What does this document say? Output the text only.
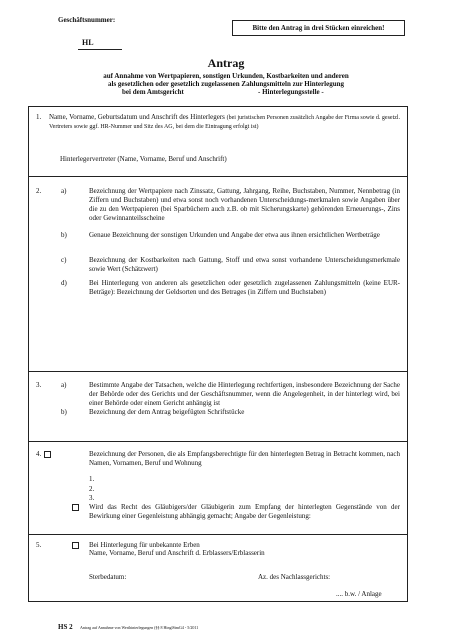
Geschäftsnummer:
HL
Bitte den Antrag in drei Stücken einreichen!
Antrag
auf Annahme von Wertpapieren, sonstigen Urkunden, Kostbarkeiten und anderen
als gesetzlichen oder gesetzlich zugelassenen Zahlungsmitteln zur Hinterlegung
bei dem Amtsgericht	- Hinterlegungsstelle -
1. Name, Vorname, Geburtsdatum und Anschrift des Hinterlegers (bei juristischen Personen zusätzlich Angabe der Firma sowie d. gesetzl. Vertreters sowie ggf. HR-Nummer und Sitz des AG, bei dem die Eintragung erfolgt ist)
Hinterlegervertreter (Name, Vorname, Beruf und Anschrift)
2.	a)	Bezeichnung der Wertpapiere nach Zinssatz, Gattung, Jahrgang, Reihe, Buchstaben, Nummer, Nennbetrag (in Ziffern und Buchstaben) und etwa sonst noch vorhandenen Unterscheidungs-merkmalen sowie Angaben über die zu den Wertpapieren (bei Sparbüchern auch z.B. ob mit Sicherungskarte) gehörenden Erneuerungs-, Zins oder Gewinnanteilsscheine
b)	Genaue Bezeichnung der sonstigen Urkunden und Angabe der etwa aus ihnen ersichtlichen Wertbeträge
c)	Bezeichnung der Kostbarkeiten nach Gattung, Stoff und etwa sonst vorhandene Unterscheidungsmerkmale sowie Wert (Schätzwert)
d)	Bei Hinterlegung von anderen als gesetzlichen oder gesetzlich zugelassenen Zahlungsmitteln (keine EUR-Beträge): Bezeichnung der Geldsorten und des Betrages (in Ziffern und Buchstaben)
3.	a)	Bestimmte Angabe der Tatsachen, welche die Hinterlegung rechtfertigen, insbesondere Bezeichnung der Sache der Behörde oder des Gerichts und der Geschäftsnummer, wenn die Angelegenheit, in der hinterlegt wird, bei einer Behörde oder einem Gericht anhängig ist
b)	Bezeichnung der dem Antrag beigefügten Schriftstücke
4.	Bezeichnung der Personen, die als Empfangsberechtigte für den hinterlegten Betrag in Betracht kommen, nach Namen, Vornamen, Beruf und Wohnung
1.
2.
3.
Wird das Recht des Gläubigers/der Gläubigerin zum Empfang der hinterlegten Gegenstände von der Bewirkung einer Gegenleistung abhängig gemacht; Angabe der Gegenleistung:
5.	Bei Hinterlegung für unbekannte Erben
Name, Vorname, Beruf und Anschrift d. Erblassers/Erblasserin
Sterbedatum:	Az. des Nachlassgerichts:
.... b.w. / Anlage
HS 2 Antrag auf Annahme von Werthinterlegungen (§§ 8 HinglStmG4 - 5/2011
